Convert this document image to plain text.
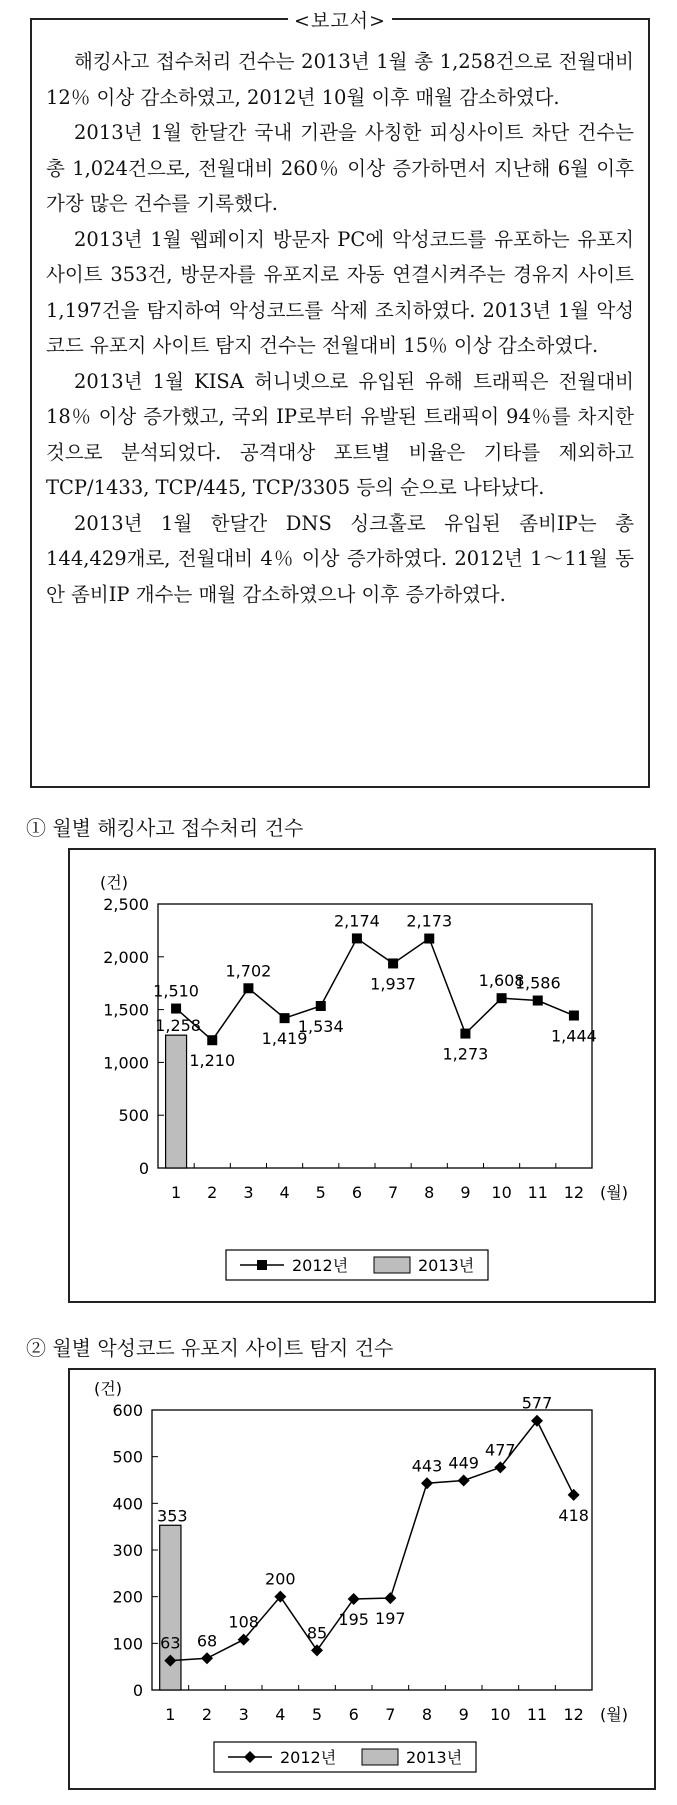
<보고서>

해킹사고 접수처리 건수는 2013년 1월 총 1,258건으로 전월대비 12％ 이상 감소하였고, 2012년 10월 이후 매월 감소하였다.

2013년 1월 한달간 국내 기관을 사칭한 피싱사이트 차단 건수는 총 1,024건으로, 전월대비 260％ 이상 증가하면서 지난해 6월 이후 가장 많은 건수를 기록했다.

2013년 1월 웹페이지 방문자 PC에 악성코드를 유포하는 유포지 사이트 353건, 방문자를 유포지로 자동 연결시켜주는 경유지 사이트 1,197건을 탐지하여 악성코드를 삭제 조치하였다. 2013년 1월 악성코드 유포지 사이트 탐지 건수는 전월대비 15％ 이상 감소하였다.

2013년 1월 KISA 허니넷으로 유입된 유해 트래픽은 전월대비 18％ 이상 증가했고, 국외 IP로부터 유발된 트래픽이 94％를 차지한 것으로 분석되었다. 공격대상 포트별 비율은 기타를 제외하고 TCP/1433, TCP/445, TCP/3305 등의 순으로 나타났다.

2013년 1월 한달간 DNS 싱크홀로 유입된 좀비IP는 총 144,429개로, 전월대비 4％ 이상 증가하였다. 2012년 1～11월 동안 좀비IP 개수는 매월 감소하였으나 이후 증가하였다.

① 월별 해킹사고 접수처리 건수
0
500
1,000
1,500
2,000
2,500
(건)
1 2 3 4 5 6 7 8 9 10 11 12 (월)
1,258
1,510
1,210
1,702
1,419
1,534
2,174
1,937
2,173
1,273
1,608
1,586
1,444
2012년	2013년
② 월별 악성코드 유포지 사이트 탐지 건수
0
100
200
300
400
500
600
(건)
1 2 3 4 5 6 7 8 9 10 11 12 (월)
353
63 68
108
200
85
195 197
443 449
477
577
418
2012년	2013년
